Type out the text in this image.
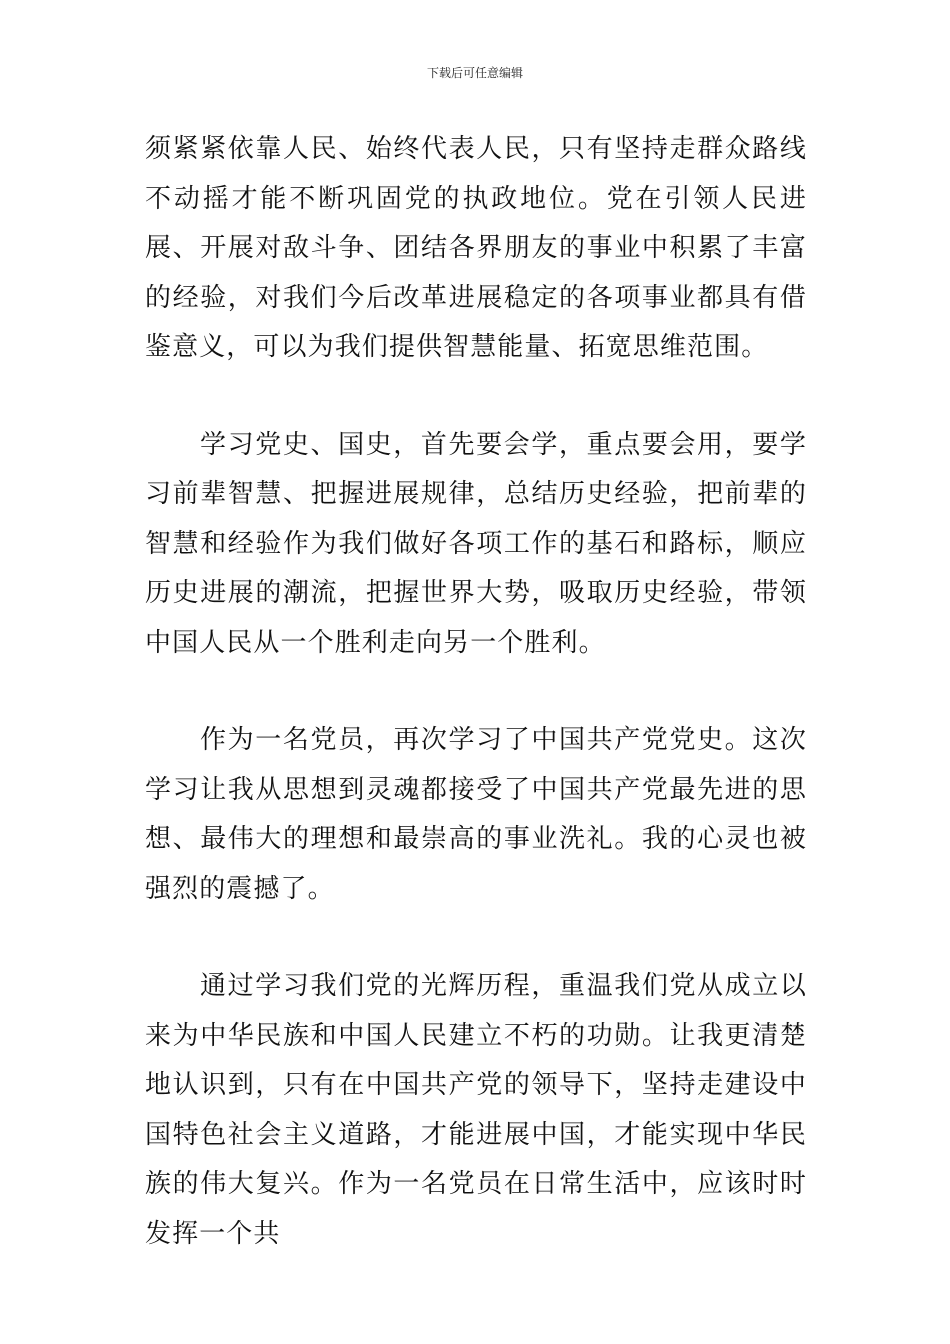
下载后可任意编辑

须紧紧依靠人民、始终代表人民，只有坚持走群众路线不动摇才能不断巩固党的执政地位。党在引领人民进展、开展对敌斗争、团结各界朋友的事业中积累了丰富的经验，对我们今后改革进展稳定的各项事业都具有借鉴意义，可以为我们提供智慧能量、拓宽思维范围。

学习党史、国史，首先要会学，重点要会用，要学习前辈智慧、把握进展规律，总结历史经验，把前辈的智慧和经验作为我们做好各项工作的基石和路标，顺应历史进展的潮流，把握世界大势，吸取历史经验，带领中国人民从一个胜利走向另一个胜利。

作为一名党员，再次学习了中国共产党党史。这次学习让我从思想到灵魂都接受了中国共产党最先进的思想、最伟大的理想和最崇高的事业洗礼。我的心灵也被强烈的震撼了。

通过学习我们党的光辉历程，重温我们党从成立以来为中华民族和中国人民建立不朽的功勋。让我更清楚地认识到，只有在中国共产党的领导下，坚持走建设中国特色社会主义道路，才能进展中国，才能实现中华民族的伟大复兴。作为一名党员在日常生活中，应该时时发挥一个共
